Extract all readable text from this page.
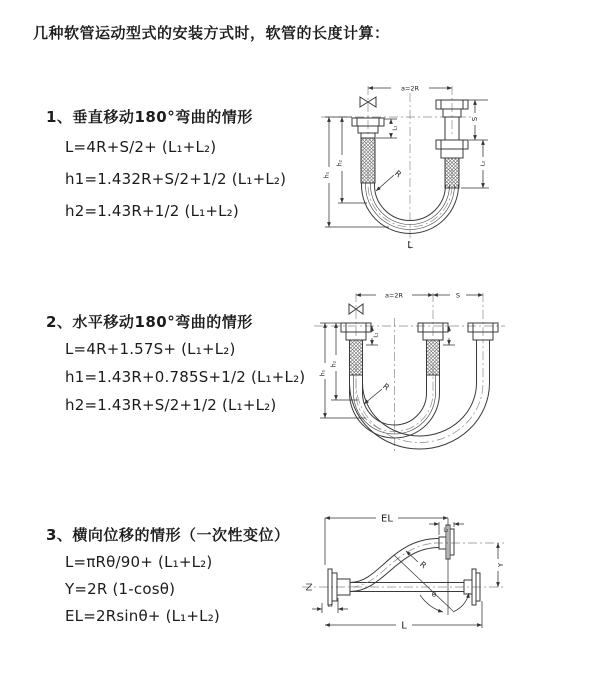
几种软管运动型式的安装方式时，软管的长度计算：
1、垂直移动180°弯曲的情形
L=4R+S/2+ (L₁+L₂)
h1=1.432R+S/2+1/2 (L₁+L₂)
h2=1.43R+1/2 (L₁+L₂)
2、水平移动180°弯曲的情形
L=4R+1.57S+ (L₁+L₂)
h1=1.43R+0.785S+1/2 (L₁+L₂)
h2=1.43R+S/2+1/2 (L₁+L₂)
3、横向位移的情形（一次性变位）
L=πRθ/90+ (L₁+L₂)
Y=2R (1-cosθ)
EL=2Rsinθ+ (L₁+L₂)
a=2R
S
L₂
L₁
h₁
h₂
R
L
a=2R	S
L₁
h₁
h₂
R
EL
L₂
Y
R
θ
L
L₁
